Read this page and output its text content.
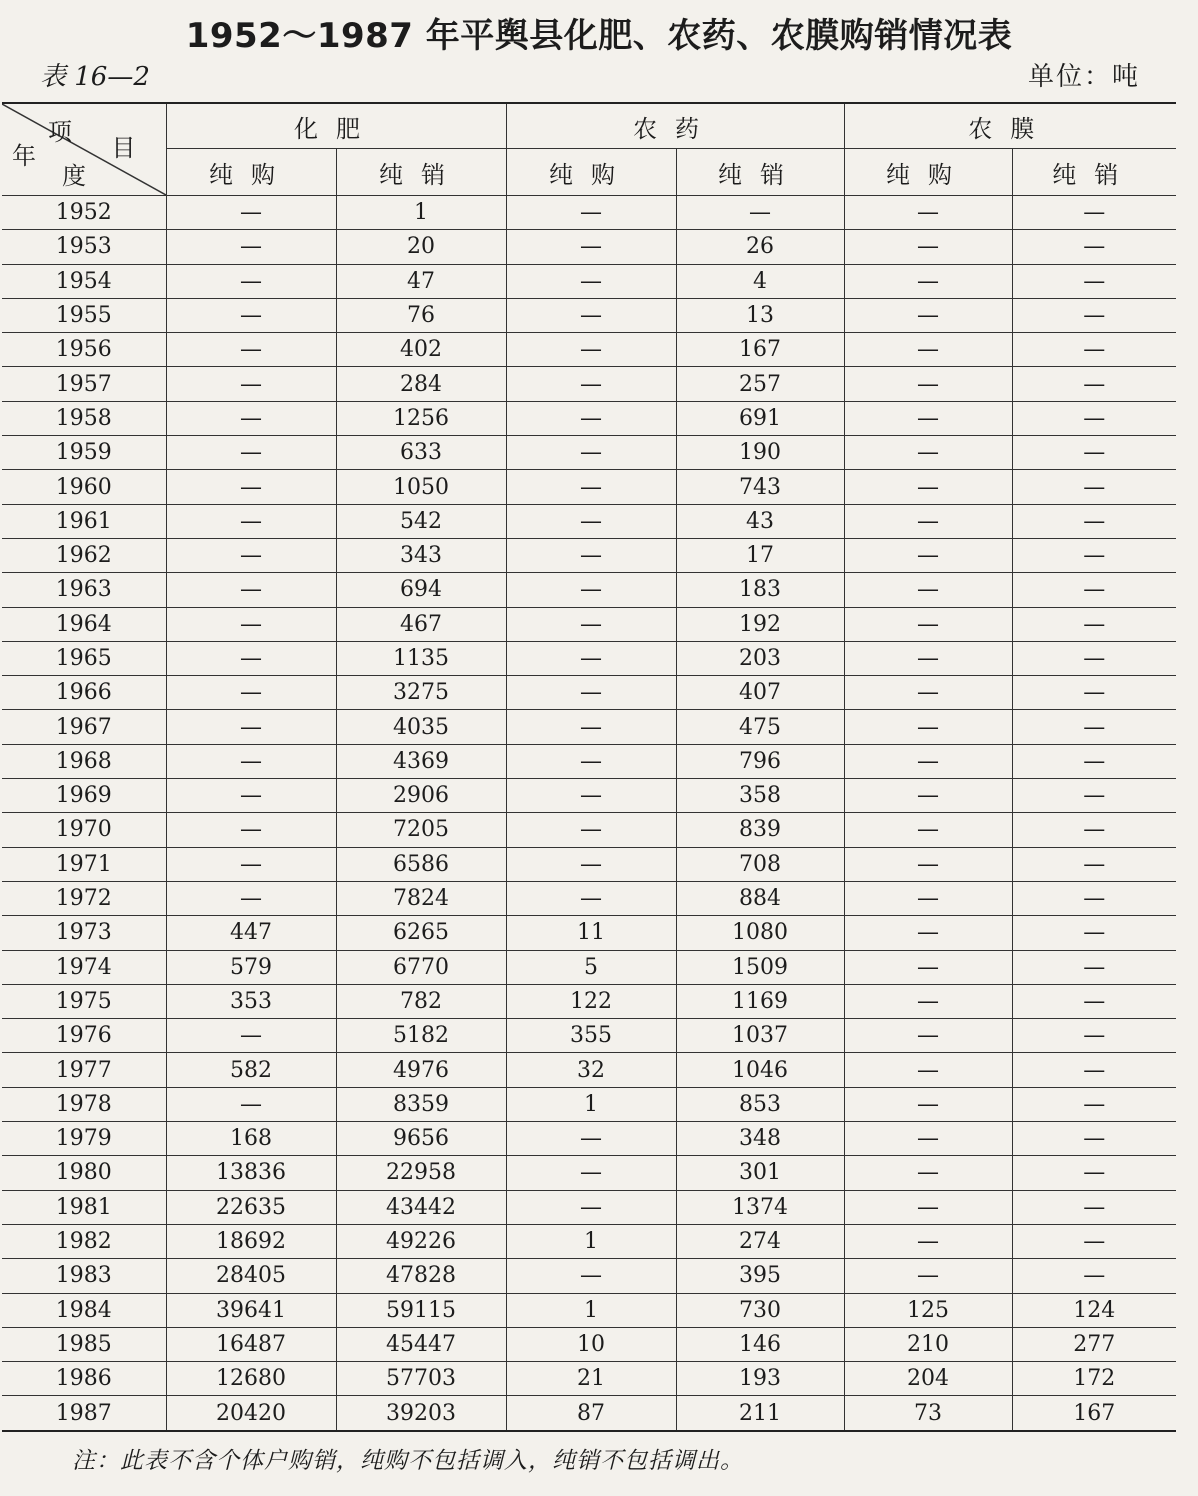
1952～1987 年平舆县化肥、农药、农膜购销情况表
表 16—2	单位：吨
项
目
年
度	化肥		农药		农膜	
	纯购	纯销	纯购	纯销	纯购	纯销
1952	—	1	—	—	—	—
1953	—	20	—	26	—	—
1954	—	47	—	4	—	—
1955	—	76	—	13	—	—
1956	—	402	—	167	—	—
1957	—	284	—	257	—	—
1958	—	1256	—	691	—	—
1959	—	633	—	190	—	—
1960	—	1050	—	743	—	—
1961	—	542	—	43	—	—
1962	—	343	—	17	—	—
1963	—	694	—	183	—	—
1964	—	467	—	192	—	—
1965	—	1135	—	203	—	—
1966	—	3275	—	407	—	—
1967	—	4035	—	475	—	—
1968	—	4369	—	796	—	—
1969	—	2906	—	358	—	—
1970	—	7205	—	839	—	—
1971	—	6586	—	708	—	—
1972	—	7824	—	884	—	—
1973	447	6265	11	1080	—	—
1974	579	6770	5	1509	—	—
1975	353	782	122	1169	—	—
1976	—	5182	355	1037	—	—
1977	582	4976	32	1046	—	—
1978	—	8359	1	853	—	—
1979	168	9656	—	348	—	—
1980	13836	22958	—	301	—	—
1981	22635	43442	—	1374	—	—
1982	18692	49226	1	274	—	—
1983	28405	47828	—	395	—	—
1984	39641	59115	1	730	125	124
1985	16487	45447	10	146	210	277
1986	12680	57703	21	193	204	172
1987	20420	39203	87	211	73	167
注：此表不含个体户购销，纯购不包括调入，纯销不包括调出。
